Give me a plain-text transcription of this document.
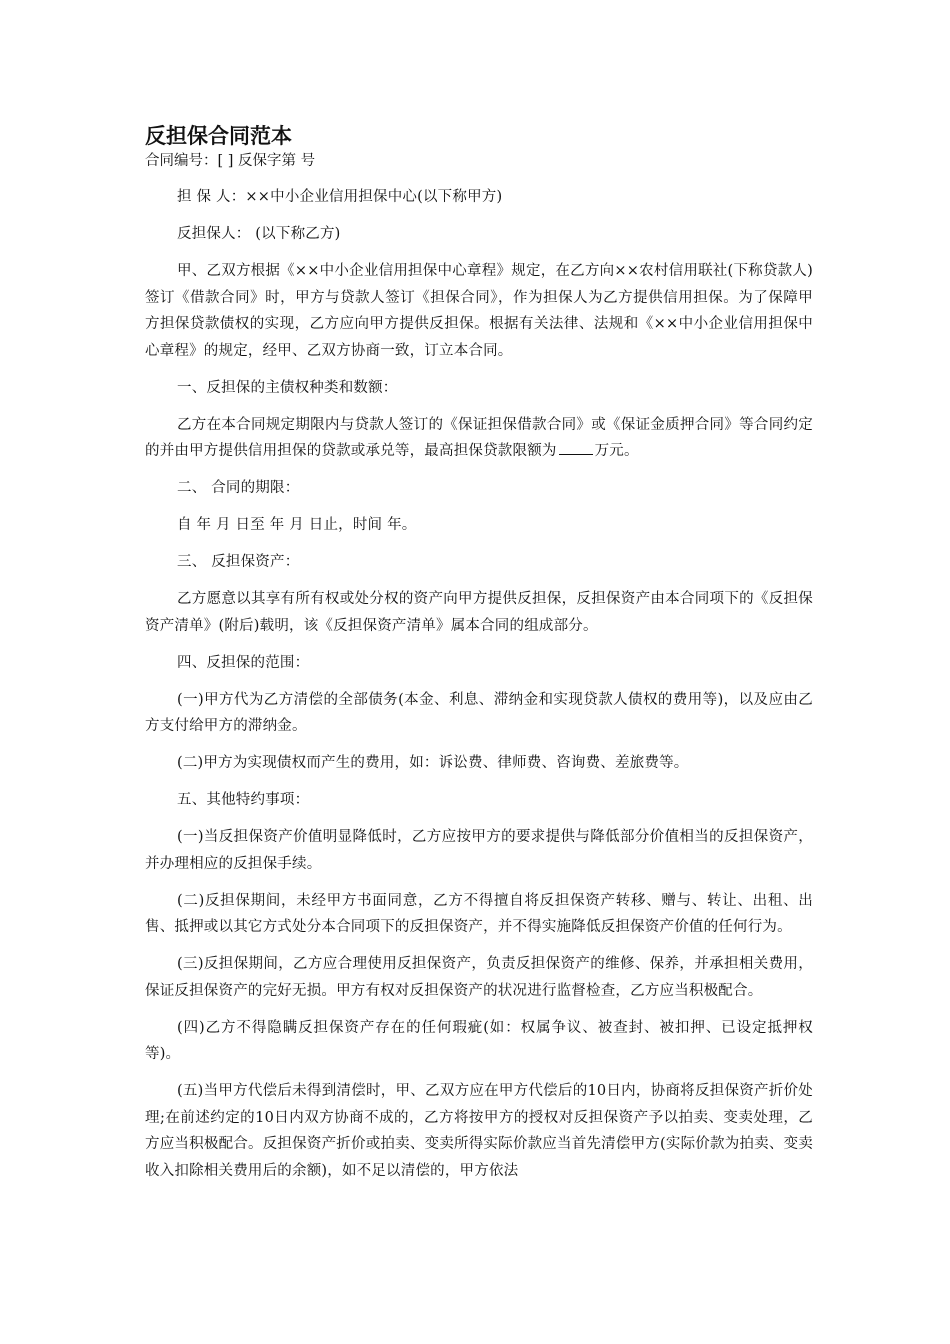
反担保合同范本

合同编号：[ ] 反保字第 号

担 保 人：××中小企业信用担保中心(以下称甲方)

反担保人： (以下称乙方)

甲、乙双方根据《××中小企业信用担保中心章程》规定，在乙方向××农村信用联社(下称贷款人)签订《借款合同》时，甲方与贷款人签订《担保合同》，作为担保人为乙方提供信用担保。为了保障甲方担保贷款债权的实现，乙方应向甲方提供反担保。根据有关法律、法规和《××中小企业信用担保中心章程》的规定，经甲、乙双方协商一致，订立本合同。

一、反担保的主债权种类和数额：

乙方在本合同规定期限内与贷款人签订的《保证担保借款合同》或《保证金质押合同》等合同约定的并由甲方提供信用担保的贷款或承兑等，最高担保贷款限额为	万元。

二、 合同的期限：

自 年 月 日至 年 月 日止，时间 年。

三、 反担保资产：

乙方愿意以其享有所有权或处分权的资产向甲方提供反担保，反担保资产由本合同项下的《反担保资产清单》(附后)载明，该《反担保资产清单》属本合同的组成部分。

四、反担保的范围：

(一)甲方代为乙方清偿的全部债务(本金、利息、滞纳金和实现贷款人债权的费用等)，以及应由乙方支付给甲方的滞纳金。

(二)甲方为实现债权而产生的费用，如：诉讼费、律师费、咨询费、差旅费等。

五、其他特约事项：

(一)当反担保资产价值明显降低时，乙方应按甲方的要求提供与降低部分价值相当的反担保资产，并办理相应的反担保手续。

(二)反担保期间，未经甲方书面同意，乙方不得擅自将反担保资产转移、赠与、转让、出租、出售、抵押或以其它方式处分本合同项下的反担保资产，并不得实施降低反担保资产价值的任何行为。

(三)反担保期间，乙方应合理使用反担保资产，负责反担保资产的维修、保养，并承担相关费用，保证反担保资产的完好无损。甲方有权对反担保资产的状况进行监督检查，乙方应当积极配合。

(四)乙方不得隐瞒反担保资产存在的任何瑕疵(如：权属争议、被查封、被扣押、已设定抵押权等)。

(五)当甲方代偿后未得到清偿时，甲、乙双方应在甲方代偿后的10日内，协商将反担保资产折价处理;在前述约定的10日内双方协商不成的，乙方将按甲方的授权对反担保资产予以拍卖、变卖处理，乙方应当积极配合。反担保资产折价或拍卖、变卖所得实际价款应当首先清偿甲方(实际价款为拍卖、变卖收入扣除相关费用后的余额)，如不足以清偿的，甲方依法
